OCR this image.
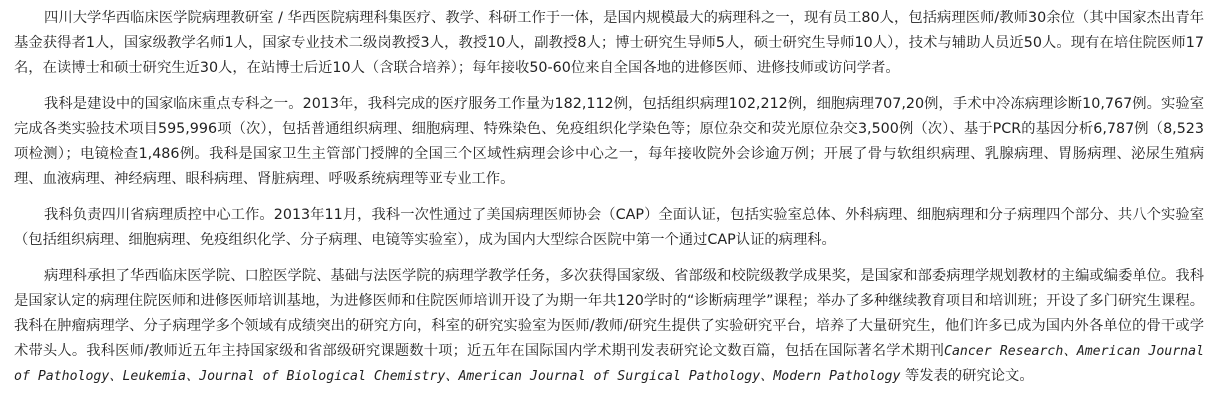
四川大学华西临床医学院病理教研室 / 华西医院病理科集医疗、教学、科研工作于一体，是国内规模最大的病理科之一，现有员工80人，包括病理医师/教师30余位（其中国家杰出青年基金获得者1人，国家级教学名师1人，国家专业技术二级岗教授3人，教授10人，副教授8人；博士研究生导师5人，硕士研究生导师10人），技术与辅助人员近50人。现有在培住院医师17名，在读博士和硕士研究生近30人，在站博士后近10人（含联合培养）；每年接收50-60位来自全国各地的进修医师、进修技师或访问学者。

我科是建设中的国家临床重点专科之一。2013年，我科完成的医疗服务工作量为182,112例，包括组织病理102,212例，细胞病理707,20例，手术中冷冻病理诊断10,767例。实验室完成各类实验技术项目595,996项（次），包括普通组织病理、细胞病理、特殊染色、免疫组织化学染色等；原位杂交和荧光原位杂交3,500例（次）、基于PCR的基因分析6,787例（8,523项检测）；电镜检查1,486例。我科是国家卫生主管部门授牌的全国三个区域性病理会诊中心之一，每年接收院外会诊逾万例；开展了骨与软组织病理、乳腺病理、胃肠病理、泌尿生殖病理、血液病理、神经病理、眼科病理、肾脏病理、呼吸系统病理等亚专业工作。

我科负责四川省病理质控中心工作。2013年11月，我科一次性通过了美国病理医师协会（CAP）全面认证，包括实验室总体、外科病理、细胞病理和分子病理四个部分、共八个实验室（包括组织病理、细胞病理、免疫组织化学、分子病理、电镜等实验室），成为国内大型综合医院中第一个通过CAP认证的病理科。

病理科承担了华西临床医学院、口腔医学院、基础与法医学院的病理学教学任务，多次获得国家级、省部级和校院级教学成果奖，是国家和部委病理学规划教材的主编或编委单位。我科是国家认定的病理住院医师和进修医师培训基地，为进修医师和住院医师培训开设了为期一年共120学时的“诊断病理学”课程；举办了多种继续教育项目和培训班；开设了多门研究生课程。我科在肿瘤病理学、分子病理学多个领域有成绩突出的研究方向，科室的研究实验室为医师/教师/研究生提供了实验研究平台，培养了大量研究生，他们许多已成为国内外各单位的骨干或学术带头人。我科医师/教师近五年主持国家级和省部级研究课题数十项；近五年在国际国内学术期刊发表研究论文数百篇，包括在国际著名学术期刊Cancer Research、American Journal of Pathology、Leukemia、Journal of Biological Chemistry、American Journal of Surgical Pathology、Modern Pathology 等发表的研究论文。
